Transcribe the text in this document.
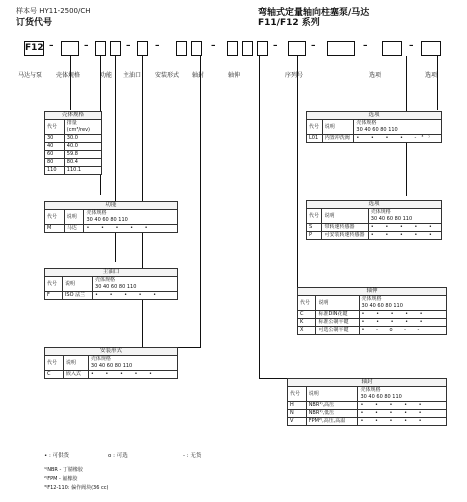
样本号 HY11-2500/CH
订货代号
弯轴式定量轴向柱塞泵/马达
F11/F12 系列
F12 –	–	–	–	–	–	–	–	–
马达与泵 壳体规格	功能 主油口 安装形式 轴封	轴伸	序列号	选项	选项
壳体规格	
代号	排量
(cm³/rev)
30	30.0
40	40.0
60	59.8
80	80.4
110	110.1
功能		
代号	说明	壳体规格
30 40 60 80 110
M	马达	• • • • •
主油口		
代号	说明	壳体规格
30 40 60 80 110
F	ISO 法兰	• • • • •
安装形式		
代号	说明	壳体规格
30 40 60 80 110
C	嵌入式	• • • • •
选项		
代号	说明	壳体规格
30 40 60 80 110
L01	内置冲洗阀	• • • • -³⁾
选项		
代号	说明	壳体规格
30 40 60 80 110
S	带转速传感器	• • • • •
P	可安装转速传感器	• • • • •
轴伸		
代号	说明	壳体规格
30 40 60 80 110
C	标准DIN花键	• • • • •
K	标准公制平键	• • • • •
X	可选公制平键	• - o - -
轴封		
代号	说明	壳体规格
30 40 60 80 110
H	NBR¹⁾,高压	• • • • •
N	NBR¹⁾,低压	• • • • •
V	FPM²⁾,高压,高温	• • • • •
• : 可供货	o : 可选	- : 无货
¹⁾NBR - 丁腈橡胶
²⁾FPM - 氟橡胶
³⁾F12-110: 偏作阀块(36 cc)
